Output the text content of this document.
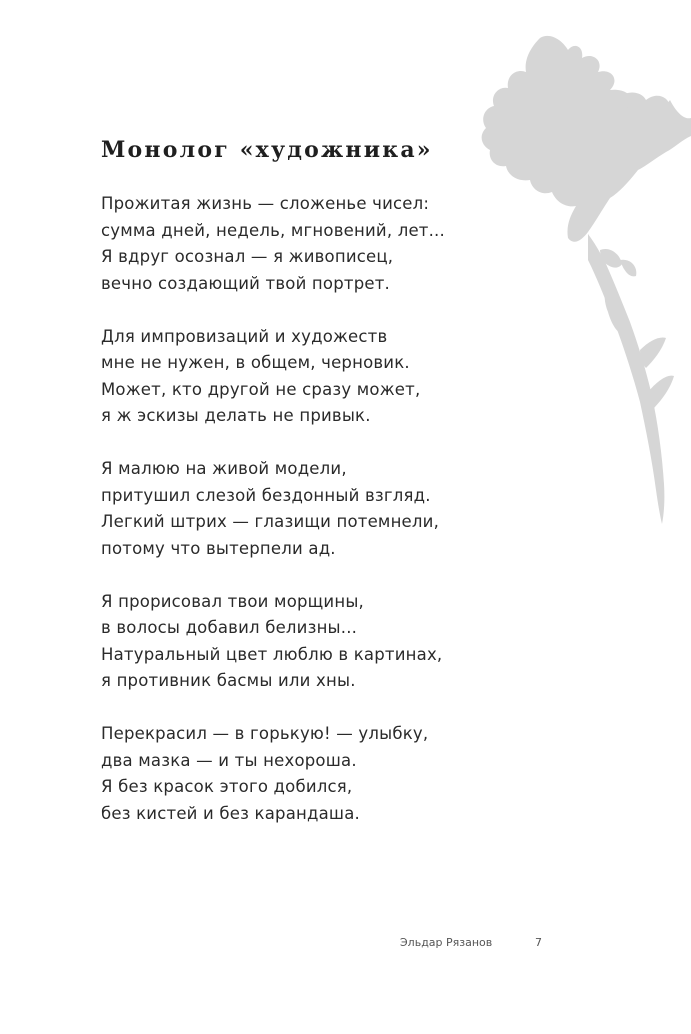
Монолог «художника»
Прожитая жизнь — сложенье чисел:
сумма дней, недель, мгновений, лет...
Я вдруг осознал — я живописец,
вечно создающий твой портрет.
Для импровизаций и художеств
мне не нужен, в общем, черновик.
Может, кто другой не сразу может,
я ж эскизы делать не привык.
Я малюю на живой модели,
притушил слезой бездонный взгляд.
Легкий штрих — глазищи потемнели,
потому что вытерпели ад.
Я прорисовал твои морщины,
в волосы добавил белизны...
Натуральный цвет люблю в картинах,
я противник басмы или хны.
Перекрасил — в горькую! — улыбку,
два мазка — и ты нехороша.
Я без красок этого добился,
без кистей и без карандаша.
Эльдар Рязанов	7
